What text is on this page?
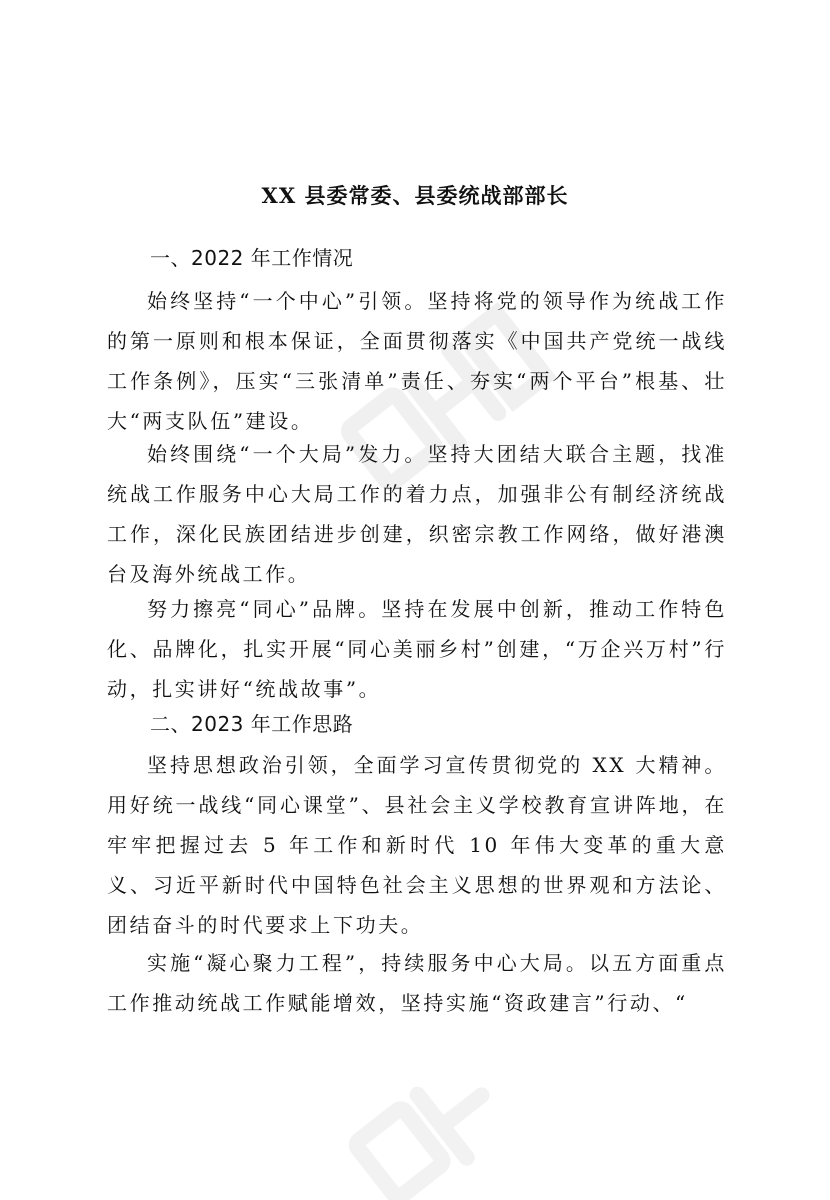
XX 县委常委、县委统战部部长
一、2022 年工作情况

始终坚持“一个中心”引领。坚持将党的领导作为统战工作的第一原则和根本保证，全面贯彻落实《中国共产党统一战线工作条例》，压实“三张清单”责任、夯实“两个平台”根基、壮大“两支队伍”建设。

始终围绕“一个大局”发力。坚持大团结大联合主题，找准统战工作服务中心大局工作的着力点，加强非公有制经济统战工作，深化民族团结进步创建，织密宗教工作网络，做好港澳台及海外统战工作。

努力擦亮“同心”品牌。坚持在发展中创新，推动工作特色化、品牌化，扎实开展“同心美丽乡村”创建，“万企兴万村”行动，扎实讲好“统战故事”。

二、2023 年工作思路

坚持思想政治引领，全面学习宣传贯彻党的 XX 大精神。用好统一战线“同心课堂”、县社会主义学校教育宣讲阵地，在牢牢把握过去 5 年工作和新时代 10 年伟大变革的重大意义、习近平新时代中国特色社会主义思想的世界观和方法论、团结奋斗的时代要求上下功夫。

实施“凝心聚力工程”，持续服务中心大局。以五方面重点工作推动统战工作赋能增效，坚持实施“资政建言”行动、“
